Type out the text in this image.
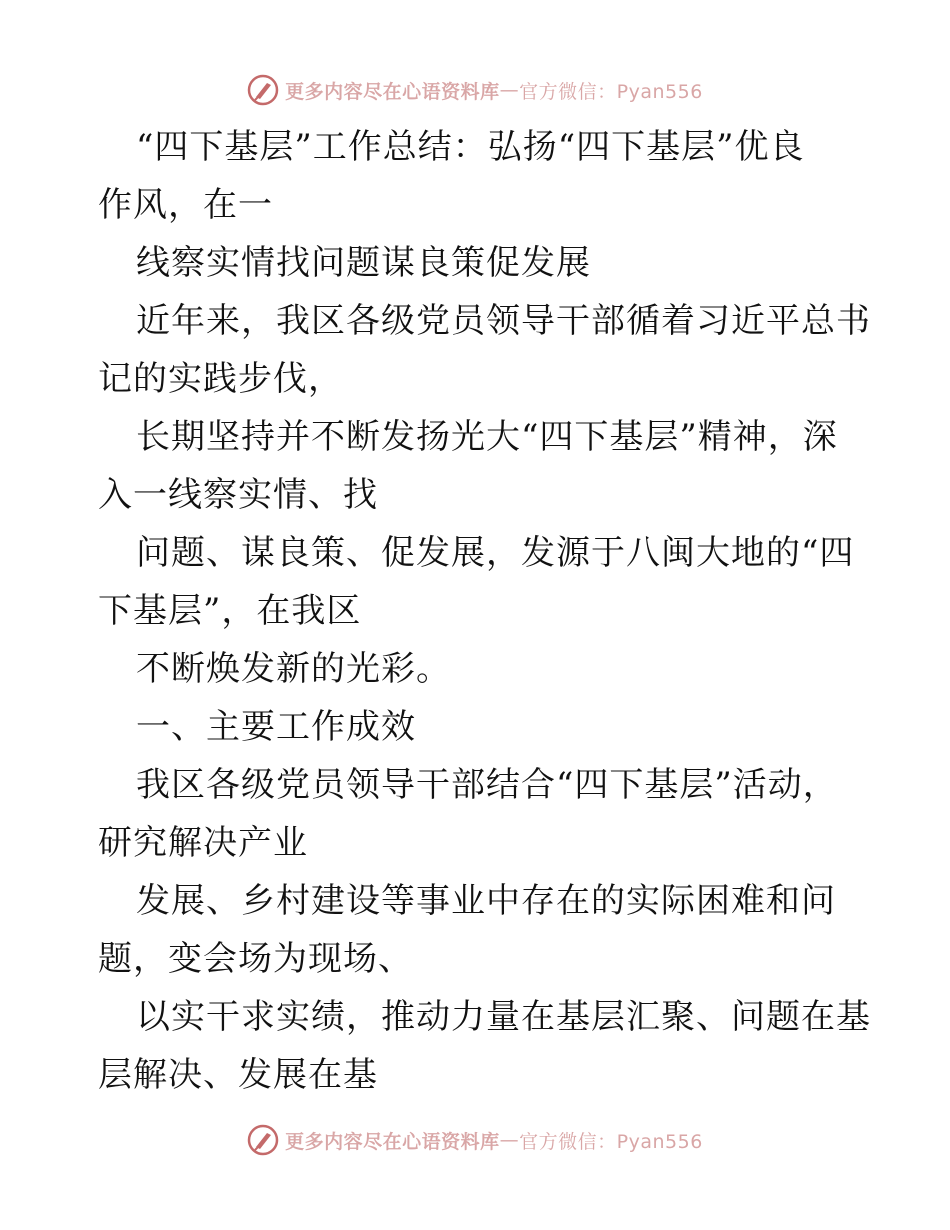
更多内容尽在心语资料库 — 官方微信：Pyan556
“四下基层”工作总结：弘扬“四下基层”优良
作风，在一
线察实情找问题谋良策促发展
近年来，我区各级党员领导干部循着习近平总书
记的实践步伐，
长期坚持并不断发扬光大“四下基层”精神，深
入一线察实情、找
问题、谋良策、促发展，发源于八闽大地的“四
下基层”，在我区
不断焕发新的光彩。
一、主要工作成效
我区各级党员领导干部结合“四下基层”活动，
研究解决产业
发展、乡村建设等事业中存在的实际困难和问
题，变会场为现场、
以实干求实绩，推动力量在基层汇聚、问题在基
层解决、发展在基
更多内容尽在心语资料库 — 官方微信：Pyan556
